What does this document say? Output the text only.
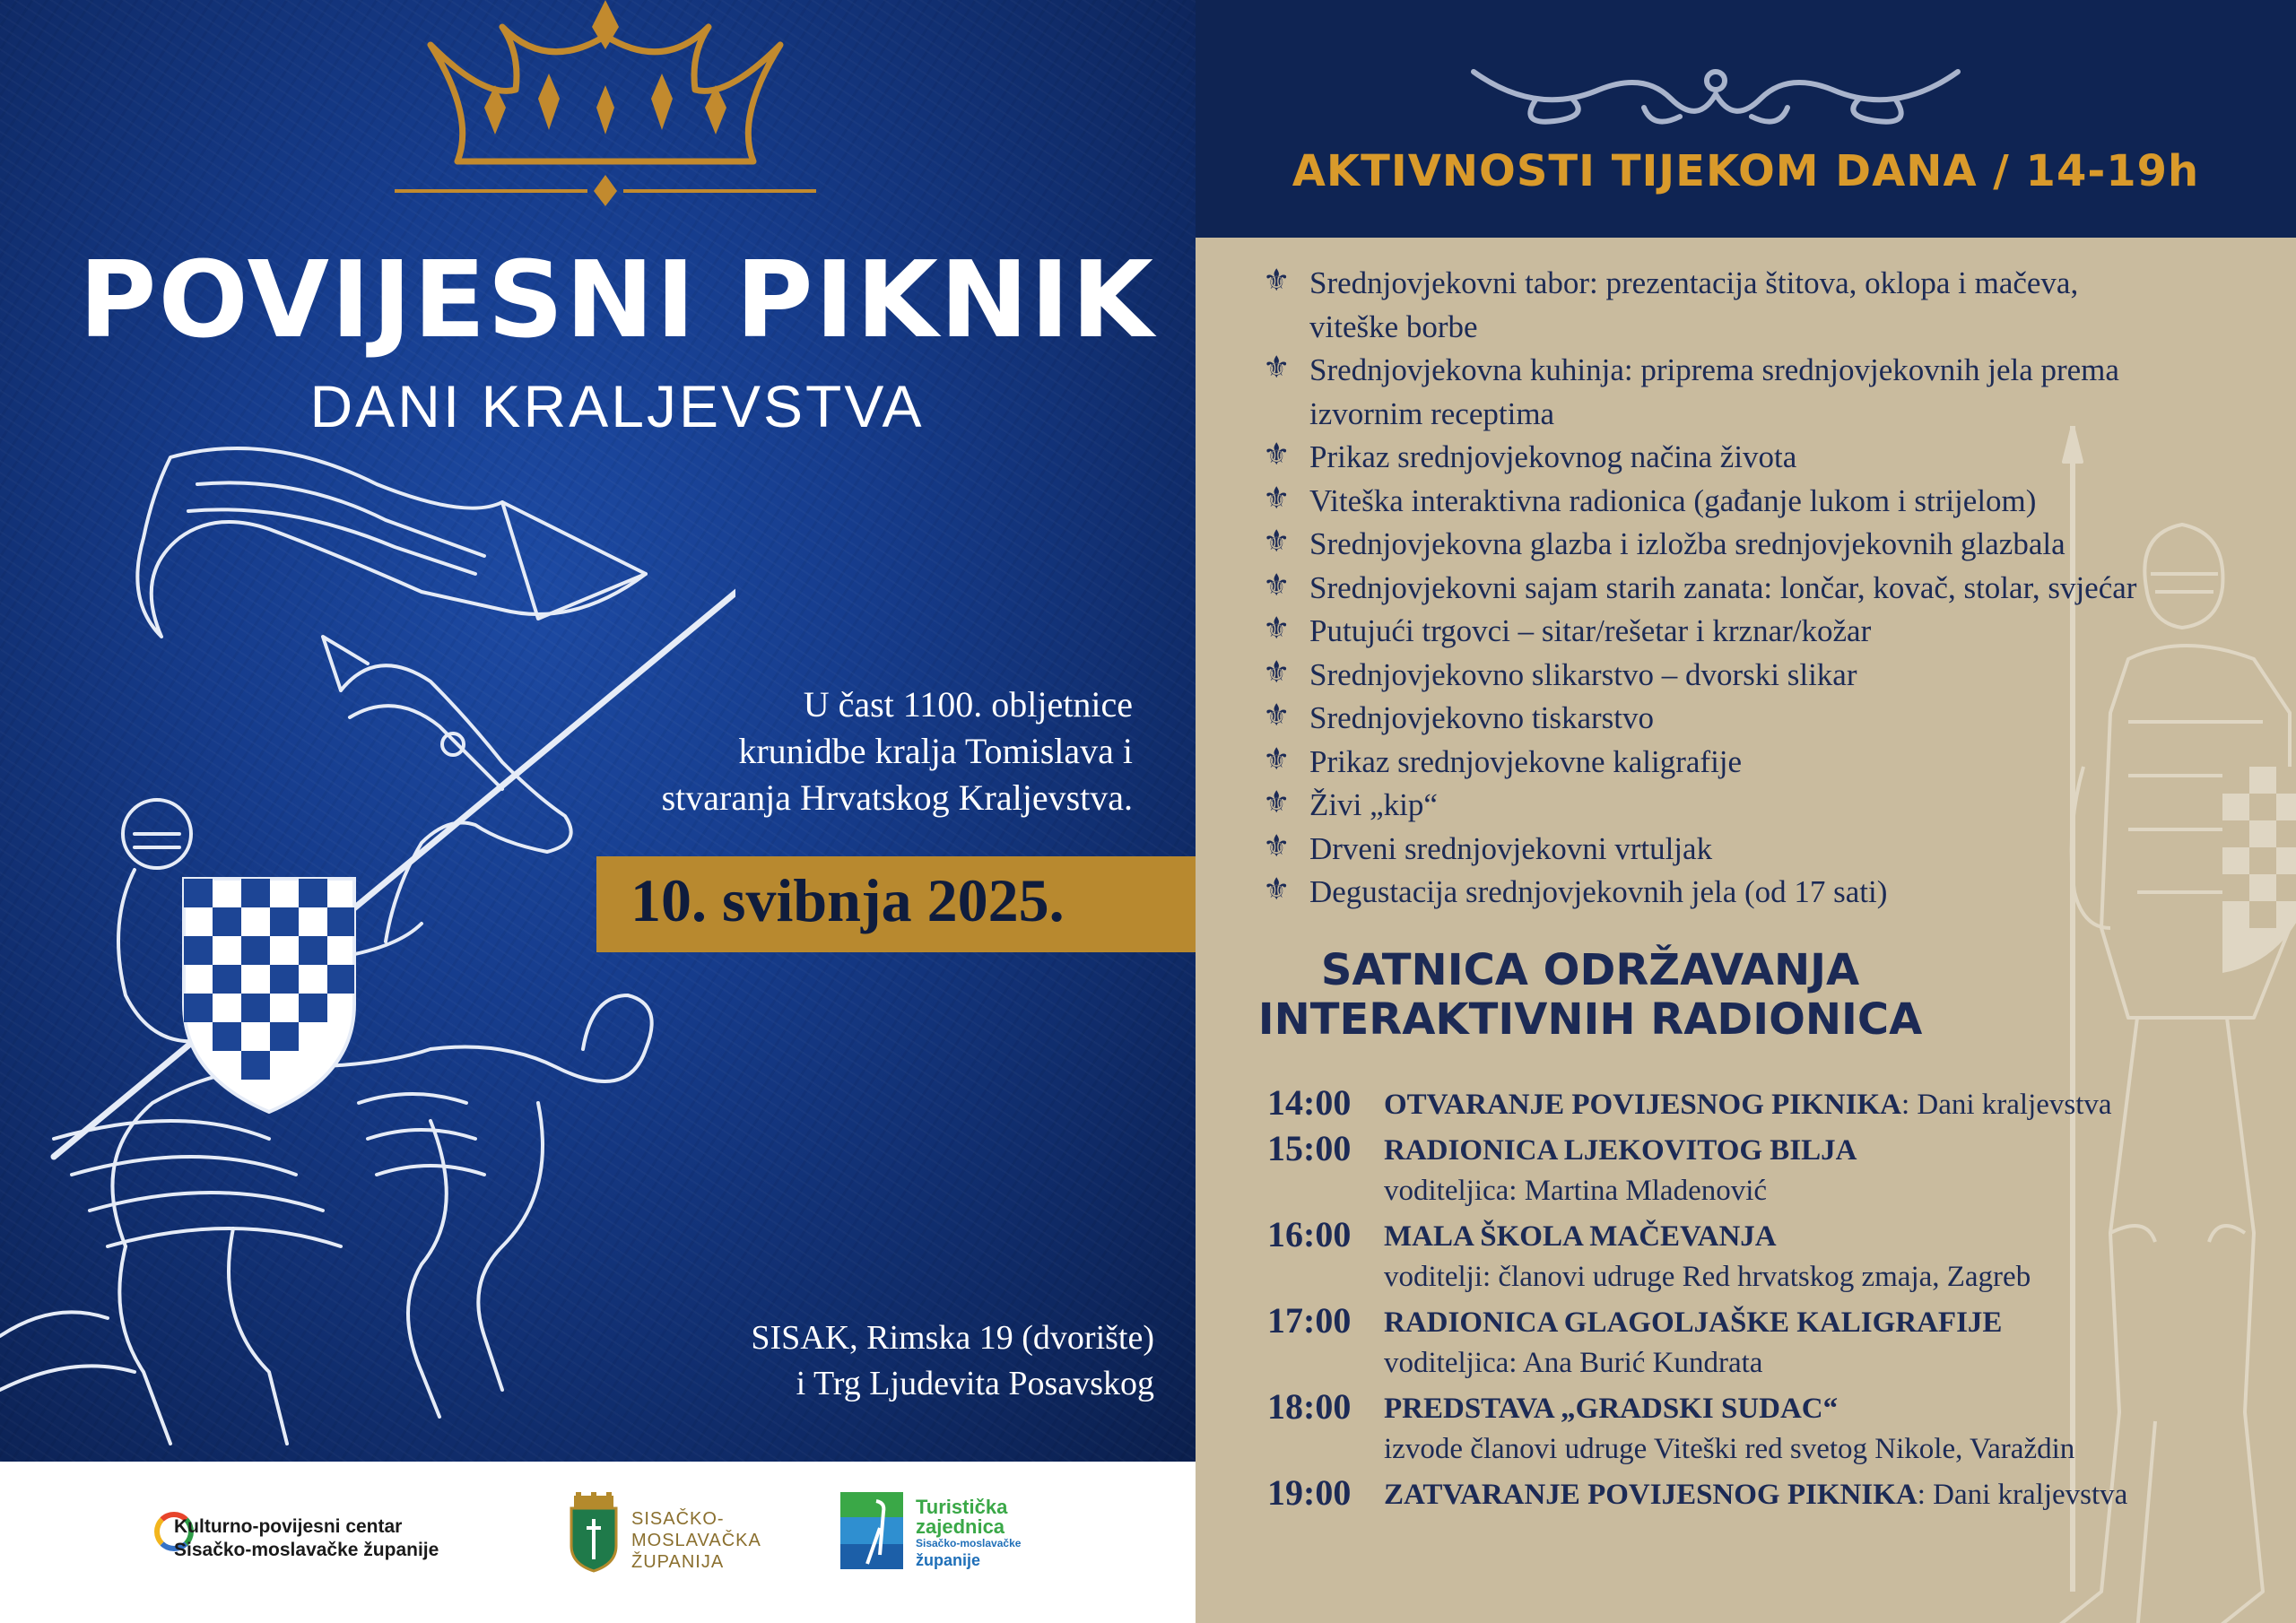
POVIJESNI PIKNIK
DANI KRALJEVSTVA
U čast 1100. obljetnice
krunidbe kralja Tomislava i
stvaranja Hrvatskog Kraljevstva.
10. svibnja 2025.
SISAK, Rimska 19 (dvorište)
i Trg Ljudevita Posavskog
Kulturno-povijesni centar
Sisačko-moslavačke županije
SISAČKO-
MOSLAVAČKA
ŽUPANIJA
Turistička
zajednica
Sisačko-moslavačke
županije
AKTIVNOSTI TIJEKOM DANA / 14-19h
⚜ Srednjovjekovni tabor: prezentacija štitova, oklopa i mačeva,
viteške borbe
⚜ Srednjovjekovna kuhinja: priprema srednjovjekovnih jela prema
izvornim receptima
⚜ Prikaz srednjovjekovnog načina života
⚜ Viteška interaktivna radionica (gađanje lukom i strijelom)
⚜ Srednjovjekovna glazba i izložba srednjovjekovnih glazbala
⚜ Srednjovjekovni sajam starih zanata: lončar, kovač, stolar, svjećar
⚜ Putujući trgovci – sitar/rešetar i krznar/kožar
⚜ Srednjovjekovno slikarstvo – dvorski slikar
⚜ Srednjovjekovno tiskarstvo
⚜ Prikaz srednjovjekovne kaligrafije
⚜ Živi „kip“
⚜ Drveni srednjovjekovni vrtuljak
⚜ Degustacija srednjovjekovnih jela (od 17 sati)
SATNICA ODRŽAVANJA
INTERAKTIVNIH RADIONICA
14:00 OTVARANJE POVIJESNOG PIKNIKA: Dani kraljevstva
15:00 RADIONICA LJEKOVITOG BILJA
voditeljica: Martina Mladenović
16:00 MALA ŠKOLA MAČEVANJA
voditelji: članovi udruge Red hrvatskog zmaja, Zagreb
17:00 RADIONICA GLAGOLJAŠKE KALIGRAFIJE
voditeljica: Ana Burić Kundrata
18:00 PREDSTAVA „GRADSKI SUDAC“
izvode članovi udruge Viteški red svetog Nikole, Varaždin
19:00 ZATVARANJE POVIJESNOG PIKNIKA: Dani kraljevstva
